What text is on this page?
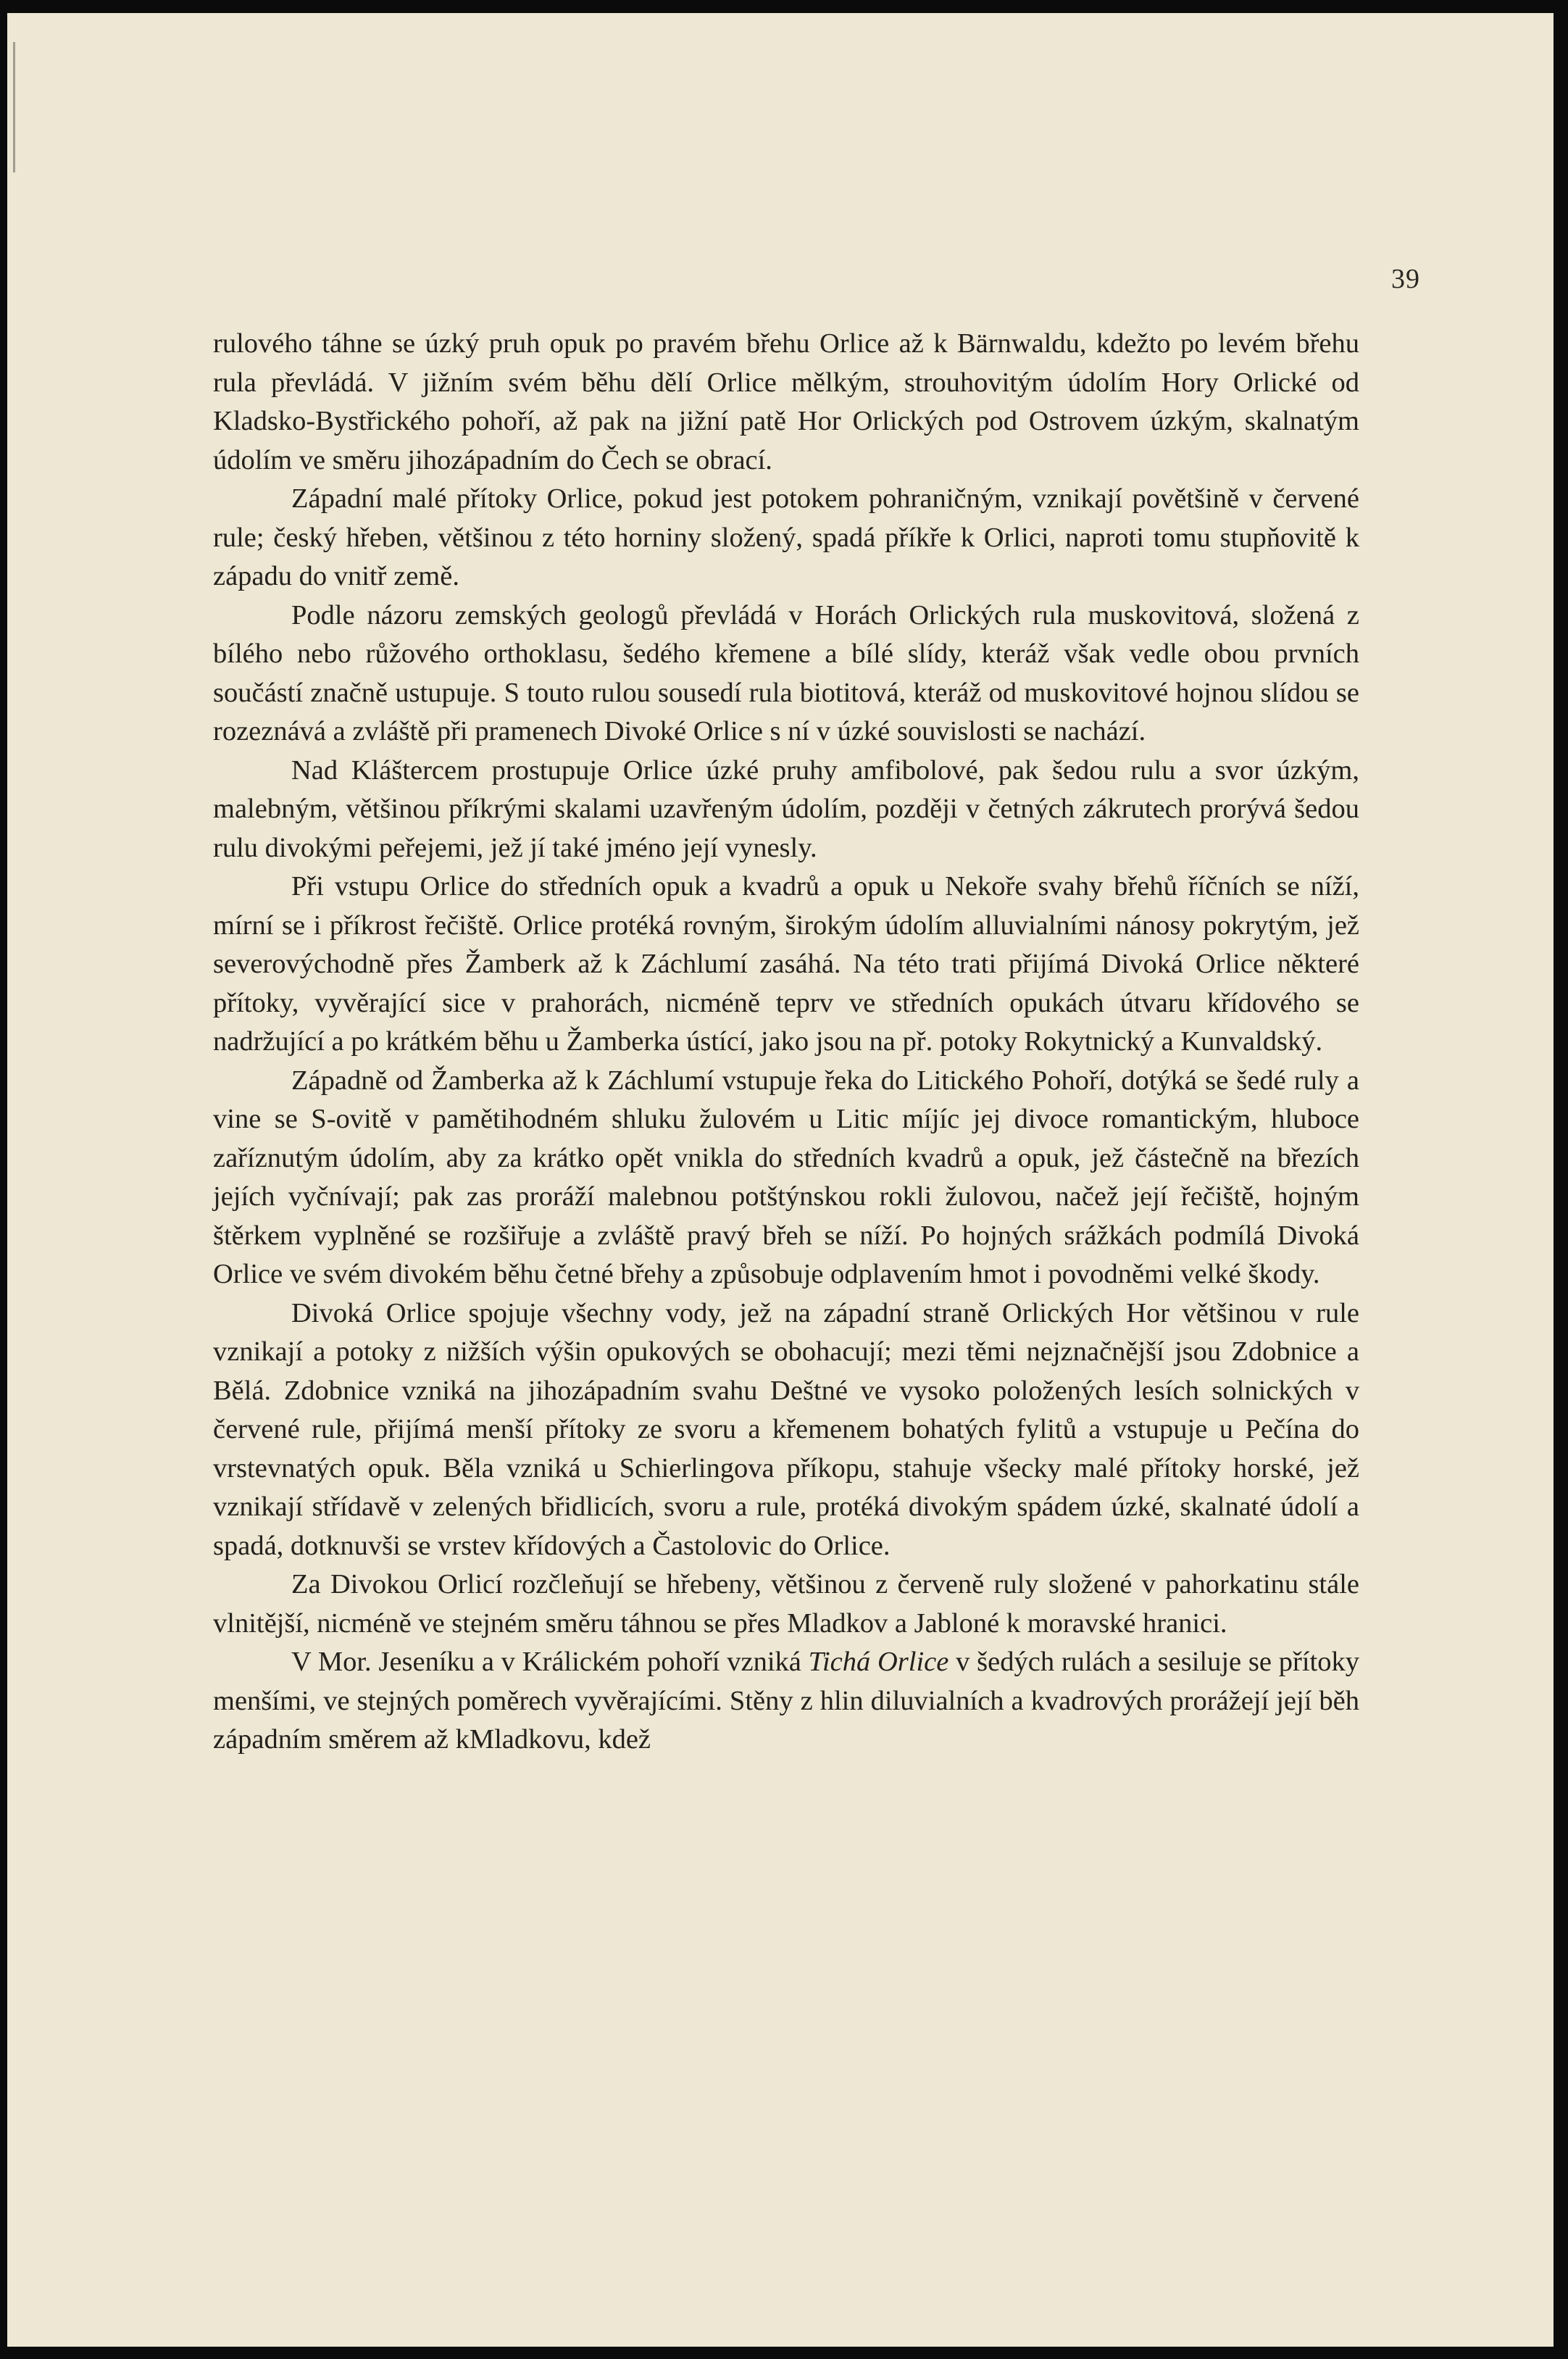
39

rulového táhne se úzký pruh opuk po pravém břehu Orlice až k Bärnwaldu, kdežto po levém břehu rula převládá. V jižním svém běhu dělí Orlice mělkým, strouhovitým údolím Hory Orlické od Kladsko-Bystřického pohoří, až pak na jižní patě Hor Orlických pod Ostrovem úzkým, skalnatým údolím ve směru jihozápadním do Čech se obrací.

Západní malé přítoky Orlice, pokud jest potokem pohraničným, vznikají povětšině v červené rule; český hřeben, většinou z této horniny složený, spadá příkře k Orlici, naproti tomu stupňovitě k západu do vnitř země.

Podle názoru zemských geologů převládá v Horách Orlických rula muskovitová, složená z bílého nebo růžového orthoklasu, šedého křemene a bílé slídy, kteráž však vedle obou prvních součástí značně ustupuje. S touto rulou sousedí rula biotitová, kteráž od muskovitové hojnou slídou se rozeznává a zvláště při pramenech Divoké Orlice s ní v úzké souvislosti se nachází.

Nad Kláštercem prostupuje Orlice úzké pruhy amfibolové, pak šedou rulu a svor úzkým, malebným, většinou příkrými skalami uzavřeným údolím, později v četných zákrutech prorývá šedou rulu divokými peřejemi, jež jí také jméno její vynesly.

Při vstupu Orlice do středních opuk a kvadrů a opuk u Nekoře svahy břehů říčních se níží, mírní se i příkrost řečiště. Orlice protéká rovným, širokým údolím alluvialními nánosy pokrytým, jež severovýchodně přes Žamberk až k Záchlumí zasáhá. Na této trati přijímá Divoká Orlice některé přítoky, vyvěrající sice v prahorách, nicméně teprv ve středních opukách útvaru křídového se nadržující a po krátkém běhu u Žamberka ústící, jako jsou na př. potoky Rokytnický a Kunvaldský.

Západně od Žamberka až k Záchlumí vstupuje řeka do Litického Pohoří, dotýká se šedé ruly a vine se S-ovitě v pamětihodném shluku žulovém u Litic míjíc jej divoce romantickým, hluboce zaříznutým údolím, aby za krátko opět vnikla do středních kvadrů a opuk, jež částečně na březích jejích vyčnívají; pak zas proráží malebnou potštýnskou rokli žulovou, načež její řečiště, hojným štěrkem vyplněné se rozšiřuje a zvláště pravý břeh se níží. Po hojných srážkách podmílá Divoká Orlice ve svém divokém běhu četné břehy a způsobuje odplavením hmot i povodněmi velké škody.

Divoká Orlice spojuje všechny vody, jež na západní straně Orlických Hor většinou v rule vznikají a potoky z nižších výšin opukových se obohacují; mezi těmi nejznačnější jsou Zdobnice a Bělá. Zdobnice vzniká na jihozápadním svahu Deštné ve vysoko položených lesích solnických v červené rule, přijímá menší přítoky ze svoru a křemenem bohatých fylitů a vstupuje u Pečína do vrstevnatých opuk. Běla vzniká u Schierlingova příkopu, stahuje všecky malé přítoky horské, jež vznikají střídavě v zelených břidlicích, svoru a rule, protéká divokým spádem úzké, skalnaté údolí a spadá, dotknuvši se vrstev křídových a Častolovic do Orlice.

Za Divokou Orlicí rozčleňují se hřebeny, většinou z červeně ruly složené v pahorkatinu stále vlnitější, nicméně ve stejném směru táhnou se přes Mladkov a Jabloné k moravské hranici.

V Mor. Jeseníku a v Králickém pohoří vzniká Tichá Orlice v šedých rulách a sesiluje se přítoky menšími, ve stejných poměrech vyvěrajícími. Stěny z hlin diluvialních a kvadrových prorážejí její běh západním směrem až kMladkovu, kdež
